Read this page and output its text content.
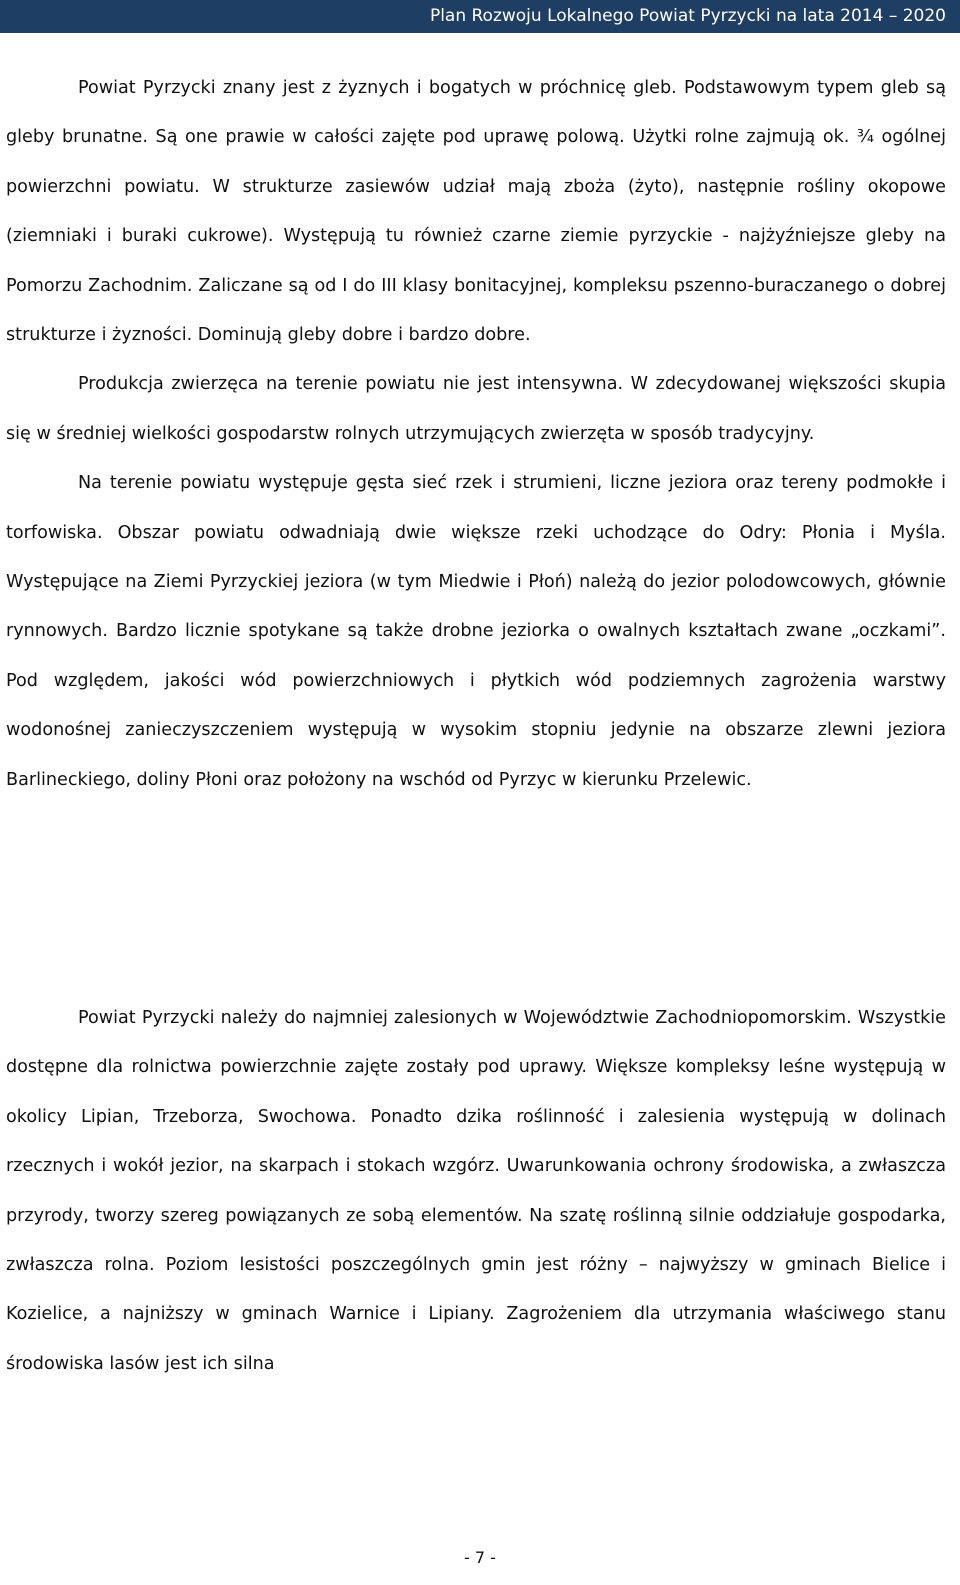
Plan Rozwoju Lokalnego Powiat Pyrzycki na lata 2014 – 2020

Powiat Pyrzycki znany jest z żyznych i bogatych w próchnicę gleb. Podstawowym typem gleb są gleby brunatne. Są one prawie w całości zajęte pod uprawę polową. Użytki rolne zajmują ok. ¾ ogólnej powierzchni powiatu. W strukturze zasiewów udział mają zboża (żyto), następnie rośliny okopowe (ziemniaki i buraki cukrowe). Występują tu również czarne ziemie pyrzyckie - najżyźniejsze gleby na Pomorzu Zachodnim. Zaliczane są od I do III klasy bonitacyjnej, kompleksu pszenno-buraczanego o dobrej strukturze i żyzności. Dominują gleby dobre i bardzo dobre.

Produkcja zwierzęca na terenie powiatu nie jest intensywna. W zdecydowanej większości skupia się w średniej wielkości gospodarstw rolnych utrzymujących zwierzęta w sposób tradycyjny.

Na terenie powiatu występuje gęsta sieć rzek i strumieni, liczne jeziora oraz tereny podmokłe i torfowiska. Obszar powiatu odwadniają dwie większe rzeki uchodzące do Odry: Płonia i Myśla. Występujące na Ziemi Pyrzyckiej jeziora (w tym Miedwie i Płoń) należą do jezior polodowcowych, głównie rynnowych. Bardzo licznie spotykane są także drobne jeziorka o owalnych kształtach zwane „oczkami”. Pod względem, jakości wód powierzchniowych i płytkich wód podziemnych zagrożenia warstwy wodonośnej zanieczyszczeniem występują w wysokim stopniu jedynie na obszarze zlewni jeziora Barlineckiego, doliny Płoni oraz położony na wschód od Pyrzyc w kierunku Przelewic.

Powiat Pyrzycki należy do najmniej zalesionych w Województwie Zachodniopomorskim. Wszystkie dostępne dla rolnictwa powierzchnie zajęte zostały pod uprawy. Większe kompleksy leśne występują w okolicy Lipian, Trzeborza, Swochowa. Ponadto dzika roślinność i zalesienia występują w dolinach rzecznych i wokół jezior, na skarpach i stokach wzgórz. Uwarunkowania ochrony środowiska, a zwłaszcza przyrody, tworzy szereg powiązanych ze sobą elementów. Na szatę roślinną silnie oddziałuje gospodarka, zwłaszcza rolna. Poziom lesistości poszczególnych gmin jest różny – najwyższy w gminach Bielice i Kozielice, a najniższy w gminach Warnice i Lipiany. Zagrożeniem dla utrzymania właściwego stanu środowiska lasów jest ich silna

- 7 -
